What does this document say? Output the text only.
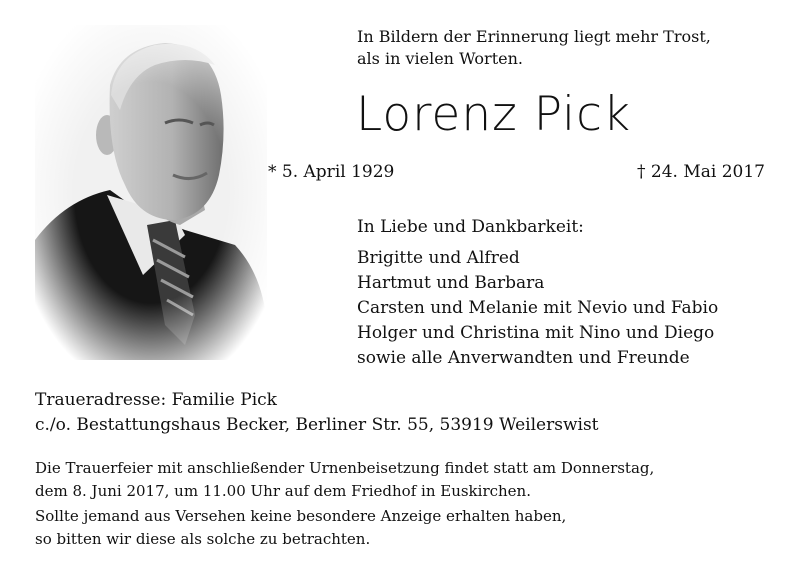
In Bildern der Erinnerung liegt mehr Trost,
als in vielen Worten.
Lorenz Pick
* 5. April 1929	† 24. Mai 2017
In Liebe und Dankbarkeit:
Brigitte und Alfred
Hartmut und Barbara
Carsten und Melanie mit Nevio und Fabio
Holger und Christina mit Nino und Diego
sowie alle Anverwandten und Freunde
Traueradresse: Familie Pick
c./o. Bestattungshaus Becker, Berliner Str. 55, 53919 Weilerswist
Die Trauerfeier mit anschließender Urnenbeisetzung findet statt am Donnerstag,
dem 8. Juni 2017, um 11.00 Uhr auf dem Friedhof in Euskirchen.
Sollte jemand aus Versehen keine besondere Anzeige erhalten haben,
so bitten wir diese als solche zu betrachten.
